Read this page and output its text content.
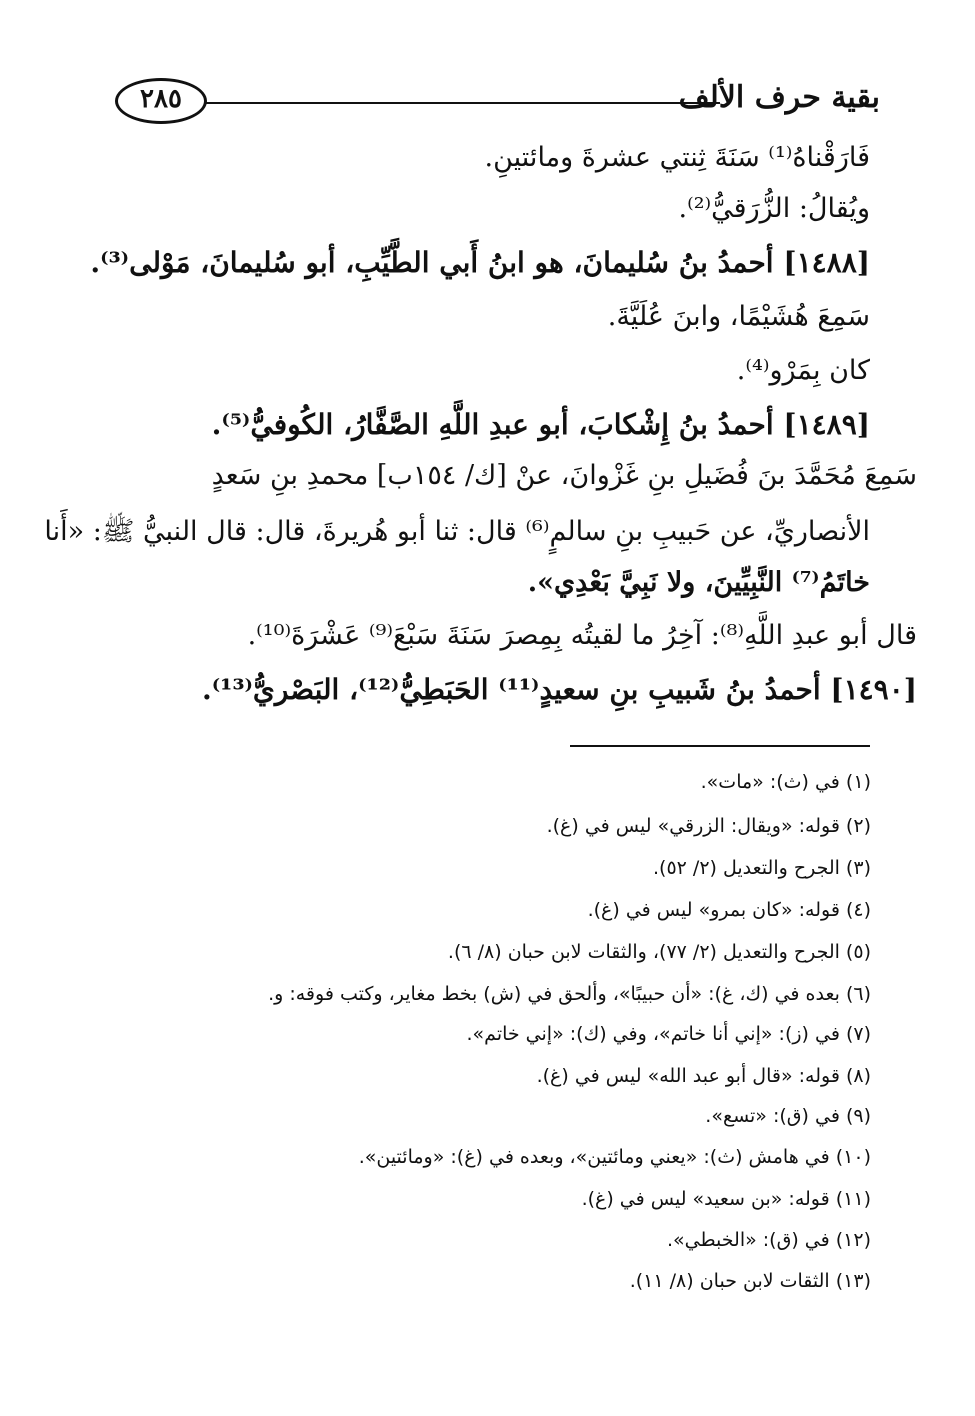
٢٨٥	بقية حرف الألف
فَارَقْناهُ⁽¹⁾ سَنَةَ ثِنتي عشرةَ ومائتينِ.
ويُقالُ: الزُّرَقيُّ⁽²⁾.
[١٤٨٨] أحمدُ بنُ سُليمانَ، هو ابنُ أَبي الطَّيِّبِ، أبو سُليمانَ، مَوْلى⁽³⁾.
سَمِعَ هُشَيْمًا، وابنَ عُلَيَّةَ.
كان بِمَرْو⁽⁴⁾.
[١٤٨٩] أحمدُ بنُ إِشْكابَ، أبو عبدِ اللَّهِ الصَّفَّارُ، الكُوفيُّ⁽⁵⁾.
سَمِعَ مُحَمَّدَ بنَ فُضَيلِ بنِ غَزْوانَ، عنْ [ك/ ١٥٤ب] محمدِ بنِ سَعدٍ
الأنصاريِّ، عن حَبيبِ بنِ سالمٍ⁽⁶⁾ قال: ثنا أبو هُريرةَ، قال: قال النبيُّ ﷺ: «أَنا
خاتَمُ⁽⁷⁾ النَّبِيِّينَ، ولا نَبِيَّ بَعْدِي».
قال أبو عبدِ اللَّهِ⁽⁸⁾: آخِرُ ما لقيتُه بِمِصرَ سَنَةَ سَبْعَ⁽⁹⁾ عَشْرَةَ⁽¹⁰⁾.
[١٤٩٠] أحمدُ بنُ شَبيبِ بنِ سعيدٍ⁽¹¹⁾ الحَبَطِيُّ⁽¹²⁾، البَصْريُّ⁽¹³⁾.
(١) في (ث): «مات».
(٢) قوله: «ويقال: الزرقي» ليس في (غ).
(٣) الجرح والتعديل (٢/ ٥٢).
(٤) قوله: «كان بمرو» ليس في (غ).
(٥) الجرح والتعديل (٢/ ٧٧)، والثقات لابن حبان (٨/ ٦).
(٦) بعده في (ك، غ): «أن حبيبًا»، وألحق في (ش) بخط مغاير، وكتب فوقه: و.
(٧) في (ز): «إني أنا خاتم»، وفي (ك): «إني خاتم».
(٨) قوله: «قال أبو عبد الله» ليس في (غ).
(٩) في (ق): «تسع».
(١٠) في هامش (ث): «يعني ومائتين»، وبعده في (غ): «ومائتين».
(١١) قوله: «بن سعيد» ليس في (غ).
(١٢) في (ق): «الخبطي».
(١٣) الثقات لابن حبان (٨/ ١١).
